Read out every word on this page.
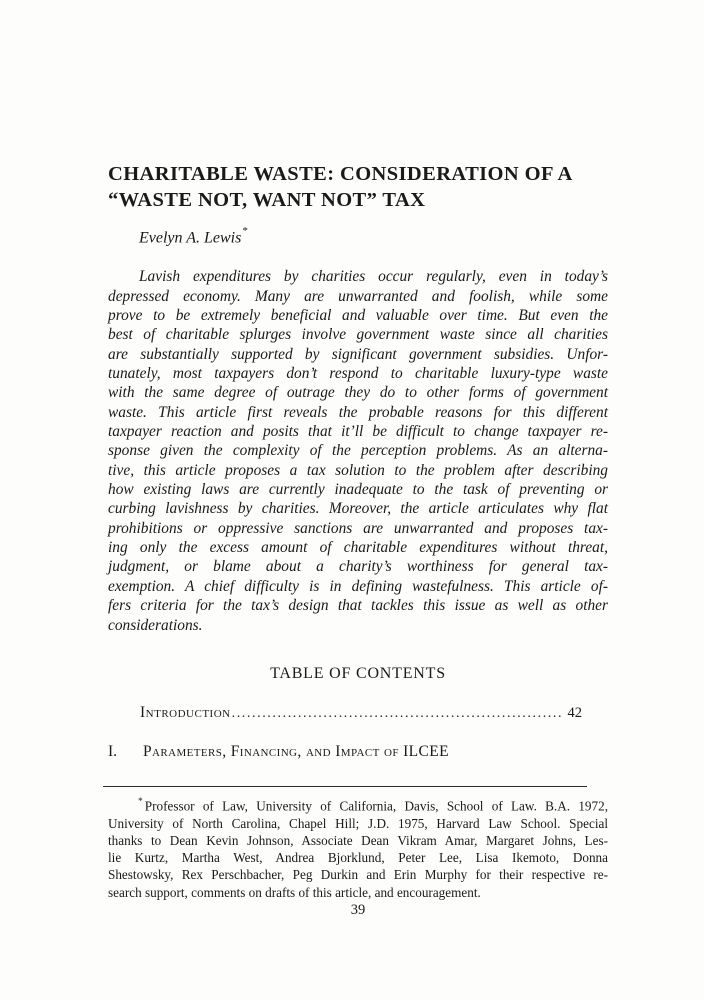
CHARITABLE WASTE: CONSIDERATION OF A
“WASTE NOT, WANT NOT” TAX
Evelyn A. Lewis*
Lavish expenditures by charities occur regularly, even in today’s
depressed economy. Many are unwarranted and foolish, while some
prove to be extremely beneficial and valuable over time. But even the
best of charitable splurges involve government waste since all charities
are substantially supported by significant government subsidies. Unfor-
tunately, most taxpayers don’t respond to charitable luxury-type waste
with the same degree of outrage they do to other forms of government
waste. This article first reveals the probable reasons for this different
taxpayer reaction and posits that it’ll be difficult to change taxpayer re-
sponse given the complexity of the perception problems. As an alterna-
tive, this article proposes a tax solution to the problem after describing
how existing laws are currently inadequate to the task of preventing or
curbing lavishness by charities. Moreover, the article articulates why flat
prohibitions or oppressive sanctions are unwarranted and proposes tax-
ing only the excess amount of charitable expenditures without threat,
judgment, or blame about a charity’s worthiness for general tax-
exemption. A chief difficulty is in defining wastefulness. This article of-
fers criteria for the tax’s design that tackles this issue as well as other
considerations.
TABLE OF CONTENTS
Introduction .....	42
I.	Parameters, Financing, and Impact of ILCEE
* Professor of Law, University of California, Davis, School of Law. B.A. 1972,
University of North Carolina, Chapel Hill; J.D. 1975, Harvard Law School. Special
thanks to Dean Kevin Johnson, Associate Dean Vikram Amar, Margaret Johns, Les-
lie Kurtz, Martha West, Andrea Bjorklund, Peter Lee, Lisa Ikemoto, Donna
Shestowsky, Rex Perschbacher, Peg Durkin and Erin Murphy for their respective re-
search support, comments on drafts of this article, and encouragement.
39
